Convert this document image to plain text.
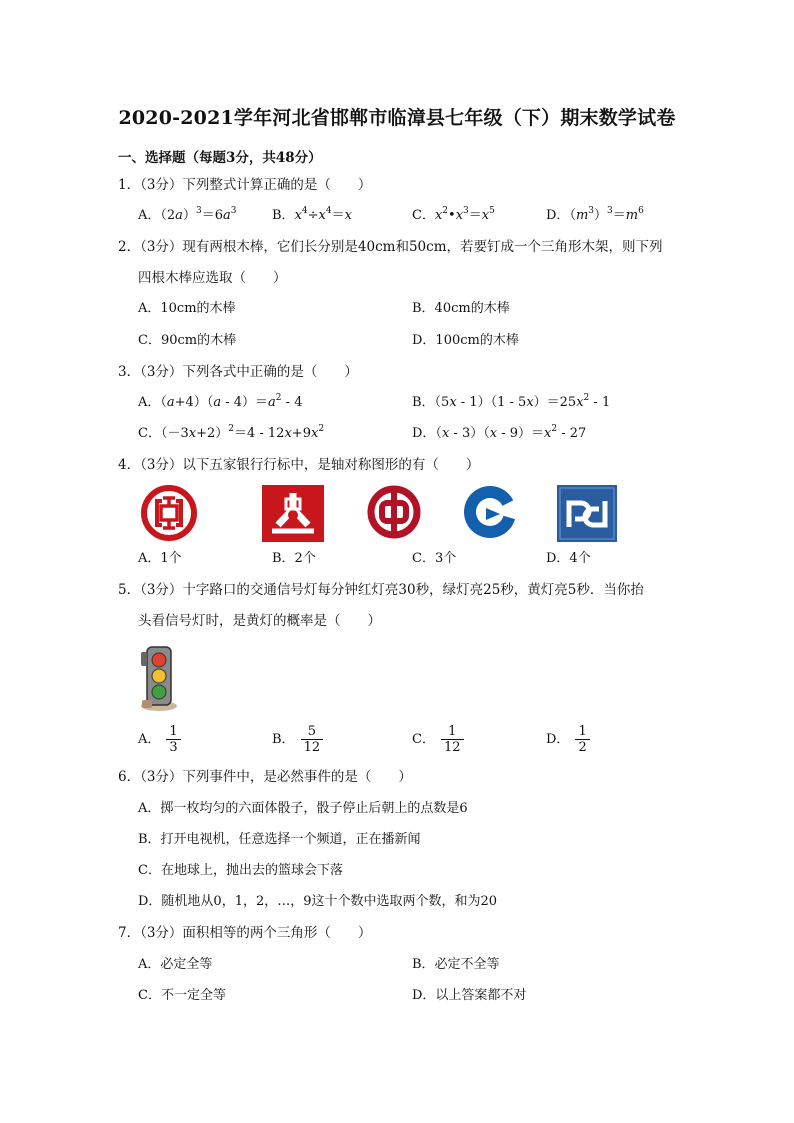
2020-2021学年河北省邯郸市临漳县七年级（下）期末数学试卷
一、选择题（每题3分，共48分）
1．（3分）下列整式计算正确的是（　　）
A．$(2a)^3=6a^3$	B．$x^4\div x^4=x$	C．$x^2•x^3=x^5$	D．$(m^3)^3=m^6$
2．（3分）现有两根木棒，它们长分别是40cm和50cm，若要钉成一个三角形木架，则下列
四根木棒应选取（　　）
A．10cm的木棒	B．40cm的木棒
C．90cm的木棒	D．100cm的木棒
3．（3分）下列各式中正确的是（　　）
A．$(a+4)(a - 4)=a^2 - 4$	B．$(5x - 1)(1 - 5x)=25x^2 - 1$
C．$(-3x+2)^2=4 - 12x+9x^2$	D．$(x - 3)(x - 9)=x^2 - 27$
4．（3分）以下五家银行行标中，是轴对称图形的有（　　）
A．1个	B．2个	C．3个	D．4个
5．（3分）十字路口的交通信号灯每分钟红灯亮30秒，绿灯亮25秒，黄灯亮5秒．当你抬
头看信号灯时，是黄灯的概率是（　　）
A． $\frac{1}{3}$	B． $\frac{5}{12}$	C． $\frac{1}{12}$	D． $\frac{1}{2}$
6．（3分）下列事件中，是必然事件的是（　　）
A．掷一枚均匀的六面体骰子，骰子停止后朝上的点数是6
B．打开电视机，任意选择一个频道，正在播新闻
C．在地球上，抛出去的篮球会下落
D．随机地从0，1，2，…，9这十个数中选取两个数，和为20
7．（3分）面积相等的两个三角形（　　）
A．必定全等	B．必定不全等
C．不一定全等	D．以上答案都不对
